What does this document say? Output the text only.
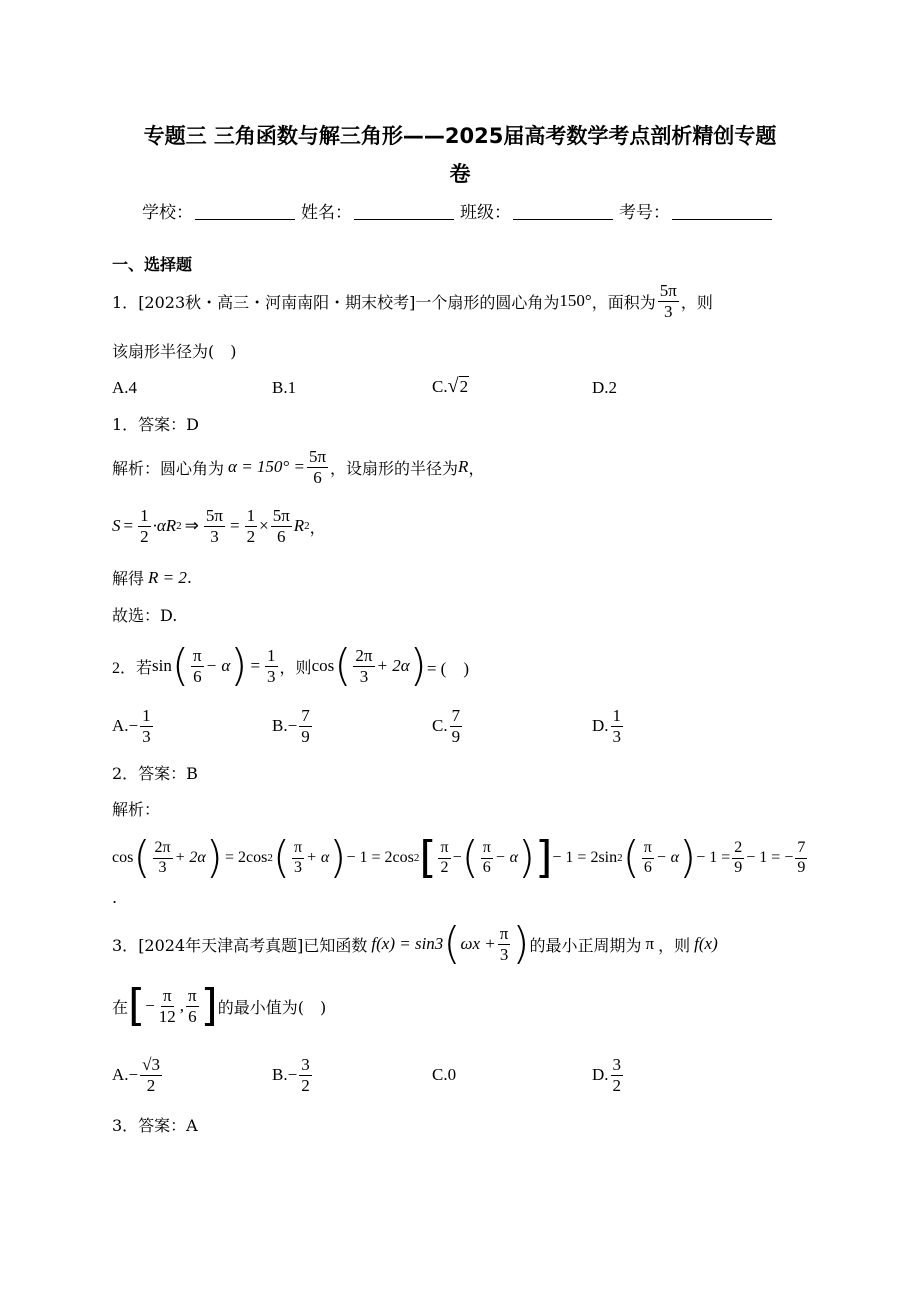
专题三 三角函数与解三角形——2025届高考数学考点剖析精创专题
卷
学校：	姓名：	班级：	考号：
一、选择题
1． [2023秋・高三・河南南阳・期末校考]一个扇形的圆心角为 150° ，面积为 $\frac{5\pi}{3}$ ，则
该扇形半径为(　)
A.4	B.1	C. √ 2	D.2
1．答案：D
解析：圆心角为 $\alpha = 150^\circ = \frac{5\pi}{6}$ ，设扇形的半径为 R ，
$S = \frac{1}{2} \cdot\alpha R$ 2 ⇒ $\frac{5\pi}{3} = \frac{1}{2} \times \frac{5\pi}{6}$ R 2 ，
解得 R = 2 .
故选：D.
2．若 sin ( $\frac{\pi}{6} - \alpha$ ) = $\frac{1}{3}$ ，则 cos ( $\frac{2\pi}{3} + 2\alpha$ ) = (　)
A. − $\frac{1}{3}$	B. − $\frac{7}{9}$	C. $\frac{7}{9}$	D. $\frac{1}{3}$
2．答案：B
解析：
cos ( $\frac{2\pi}{3} + 2\alpha$ ) = 2cos 2 ( $\frac{\pi}{3} + \alpha$ ) − 1 = 2cos 2 [ $\frac{\pi}{2}$ − ( $\frac{\pi}{6} - \alpha$ ) ] − 1 = 2sin 2 ( $\frac{\pi}{6} - \alpha$ ) − $1 = \frac{2}{9} - 1$ = − $\frac{7}{9}$
.
3． [2024年天津高考真题]已知函数 f(x) = sin3 ( $\omega x + \frac{\pi}{3}$ ) 的最小正周期为 π ，则 f(x)
在 [ − $\frac{\pi}{12}$ , $\frac{\pi}{6}$ ] 的最小值为(　)
A. − $\frac{√3}{2}$	B. − $\frac{3}{2}$	C.0	D. $\frac{3}{2}$
3．答案：A
